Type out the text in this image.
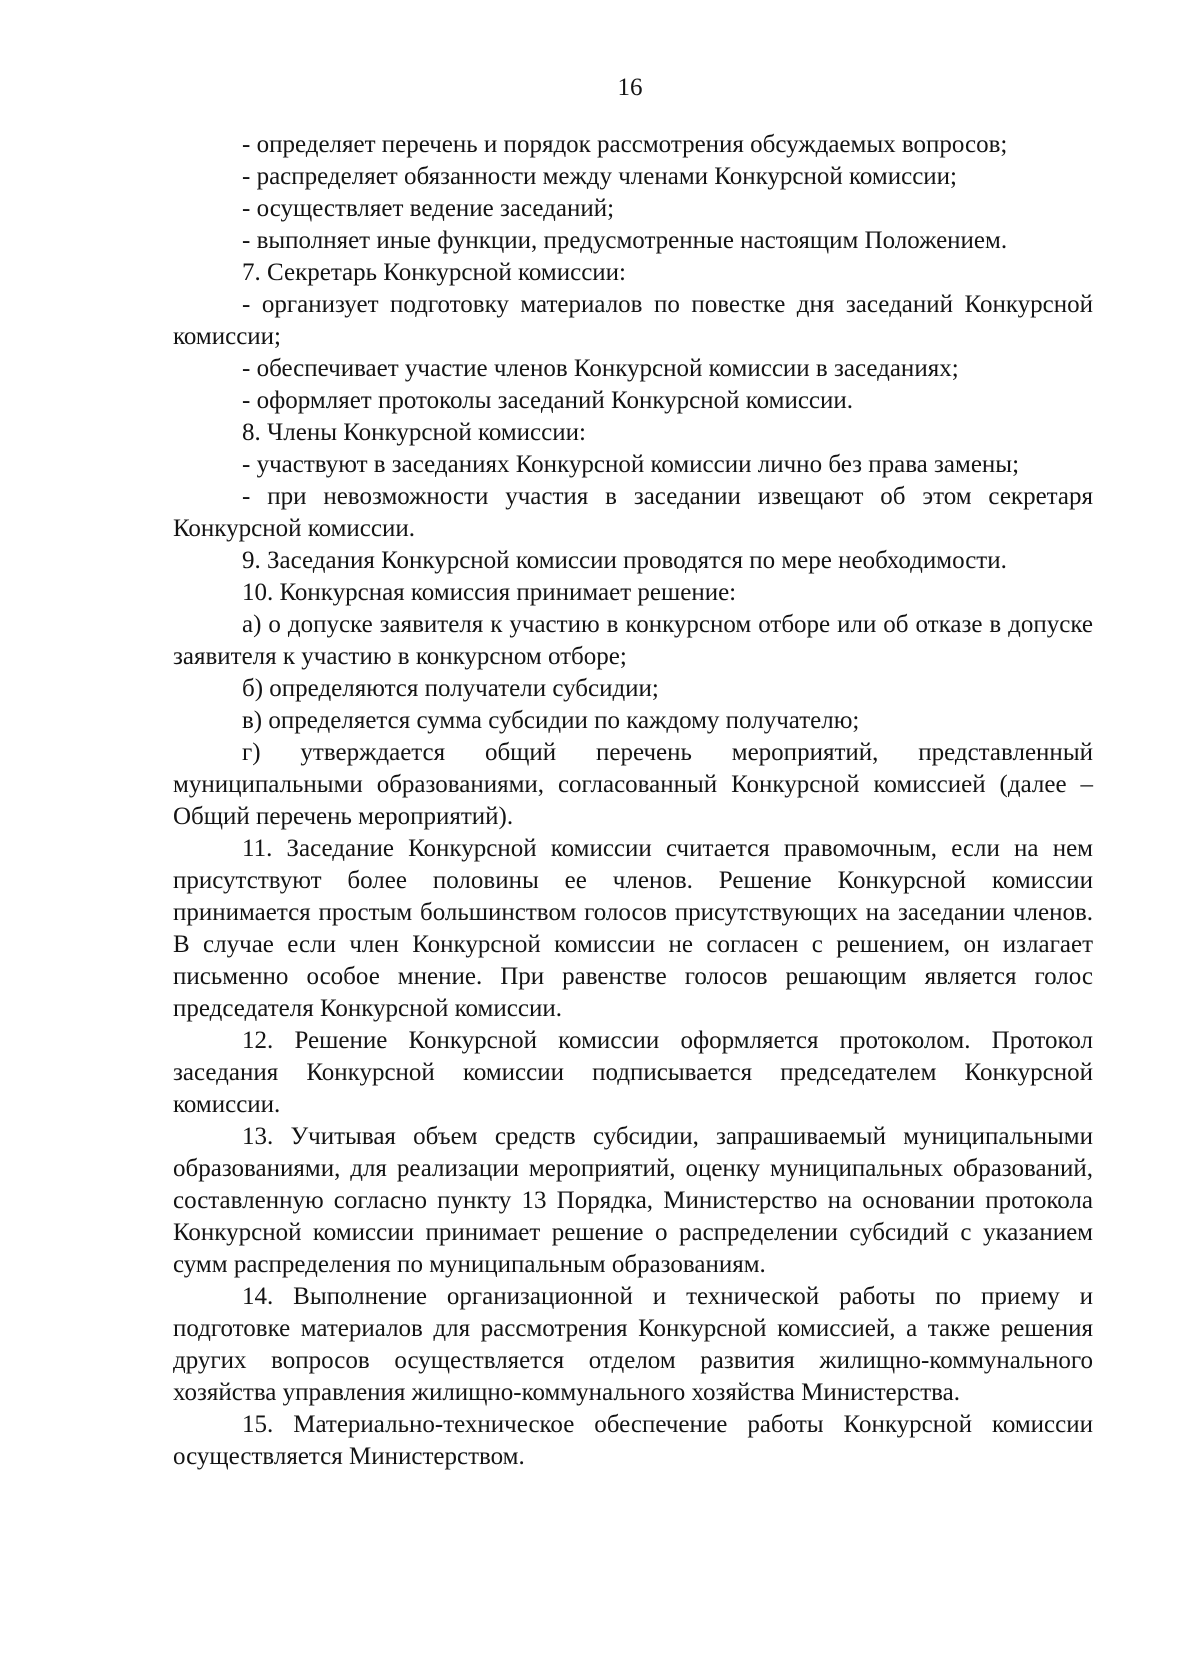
16

- определяет перечень и порядок рассмотрения обсуждаемых вопросов;

- распределяет обязанности между членами Конкурсной комиссии;

- осуществляет ведение заседаний;

- выполняет иные функции, предусмотренные настоящим Положением.

7. Секретарь Конкурсной комиссии:

- организует подготовку материалов по повестке дня заседаний Конкурсной комиссии;

- обеспечивает участие членов Конкурсной комиссии в заседаниях;

- оформляет протоколы заседаний Конкурсной комиссии.

8. Члены Конкурсной комиссии:

- участвуют в заседаниях Конкурсной комиссии лично без права замены;

- при невозможности участия в заседании извещают об этом секретаря Конкурсной комиссии.

9. Заседания Конкурсной комиссии проводятся по мере необходимости.

10. Конкурсная комиссия принимает решение:

а) о допуске заявителя к участию в конкурсном отборе или об отказе в допуске заявителя к участию в конкурсном отборе;

б) определяются получатели субсидии;

в) определяется сумма субсидии по каждому получателю;

г) утверждается общий перечень мероприятий, представленный муниципальными образованиями, согласованный Конкурсной комиссией (далее – Общий перечень мероприятий).

11. Заседание Конкурсной комиссии считается правомочным, если на нем присутствуют более половины ее членов. Решение Конкурсной комиссии принимается простым большинством голосов присутствующих на заседании членов. В случае если член Конкурсной комиссии не согласен с решением, он излагает письменно особое мнение. При равенстве голосов решающим является голос председателя Конкурсной комиссии.

12. Решение Конкурсной комиссии оформляется протоколом. Протокол заседания Конкурсной комиссии подписывается председателем Конкурсной комиссии.

13. Учитывая объем средств субсидии, запрашиваемый муниципальными образованиями, для реализации мероприятий, оценку муниципальных образований, составленную согласно пункту 13 Порядка, Министерство на основании протокола Конкурсной комиссии принимает решение о распределении субсидий с указанием сумм распределения по муниципальным образованиям.

14. Выполнение организационной и технической работы по приему и подготовке материалов для рассмотрения Конкурсной комиссией, а также решения других вопросов осуществляется отделом развития жилищно-коммунального хозяйства управления жилищно-коммунального хозяйства Министерства.

15. Материально-техническое обеспечение работы Конкурсной комиссии осуществляется Министерством.
